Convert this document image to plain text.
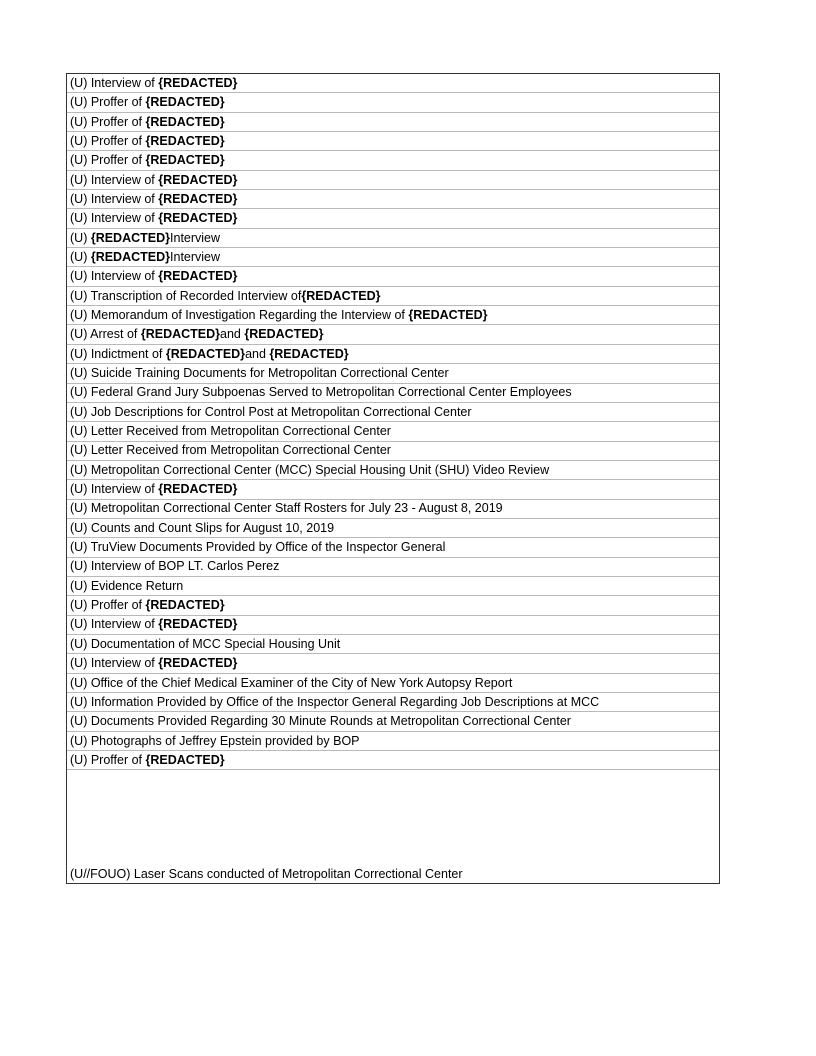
(U) Interview of {REDACTED}
(U) Proffer of {REDACTED}
(U) Proffer of {REDACTED}
(U) Proffer of {REDACTED}
(U) Proffer of {REDACTED}
(U) Interview of {REDACTED}
(U) Interview of {REDACTED}
(U) Interview of {REDACTED}
(U) {REDACTED} Interview
(U) {REDACTED} Interview
(U) Interview of {REDACTED}
(U) Transcription of Recorded Interview of {REDACTED}
(U) Memorandum of Investigation Regarding the Interview of {REDACTED}
(U) Arrest of {REDACTED} and {REDACTED}
(U) Indictment of {REDACTED} and {REDACTED}
(U) Suicide Training Documents for Metropolitan Correctional Center
(U) Federal Grand Jury Subpoenas Served to Metropolitan Correctional Center Employees
(U) Job Descriptions for Control Post at Metropolitan Correctional Center
(U) Letter Received from Metropolitan Correctional Center
(U) Letter Received from Metropolitan Correctional Center
(U) Metropolitan Correctional Center (MCC) Special Housing Unit (SHU) Video Review
(U) Interview of {REDACTED}
(U) Metropolitan Correctional Center Staff Rosters for July 23 - August 8, 2019
(U) Counts and Count Slips for August 10, 2019
(U) TruView Documents Provided by Office of the Inspector General
(U) Interview of BOP LT. Carlos Perez
(U) Evidence Return
(U) Proffer of {REDACTED}
(U) Interview of {REDACTED}
(U) Documentation of MCC Special Housing Unit
(U) Interview of {REDACTED}
(U) Office of the Chief Medical Examiner of the City of New York Autopsy Report
(U) Information Provided by Office of the Inspector General Regarding Job Descriptions at MCC
(U) Documents Provided Regarding 30 Minute Rounds at Metropolitan Correctional Center
(U) Photographs of Jeffrey Epstein provided by BOP
(U) Proffer of {REDACTED}
(U//FOUO) Laser Scans conducted of Metropolitan Correctional Center
